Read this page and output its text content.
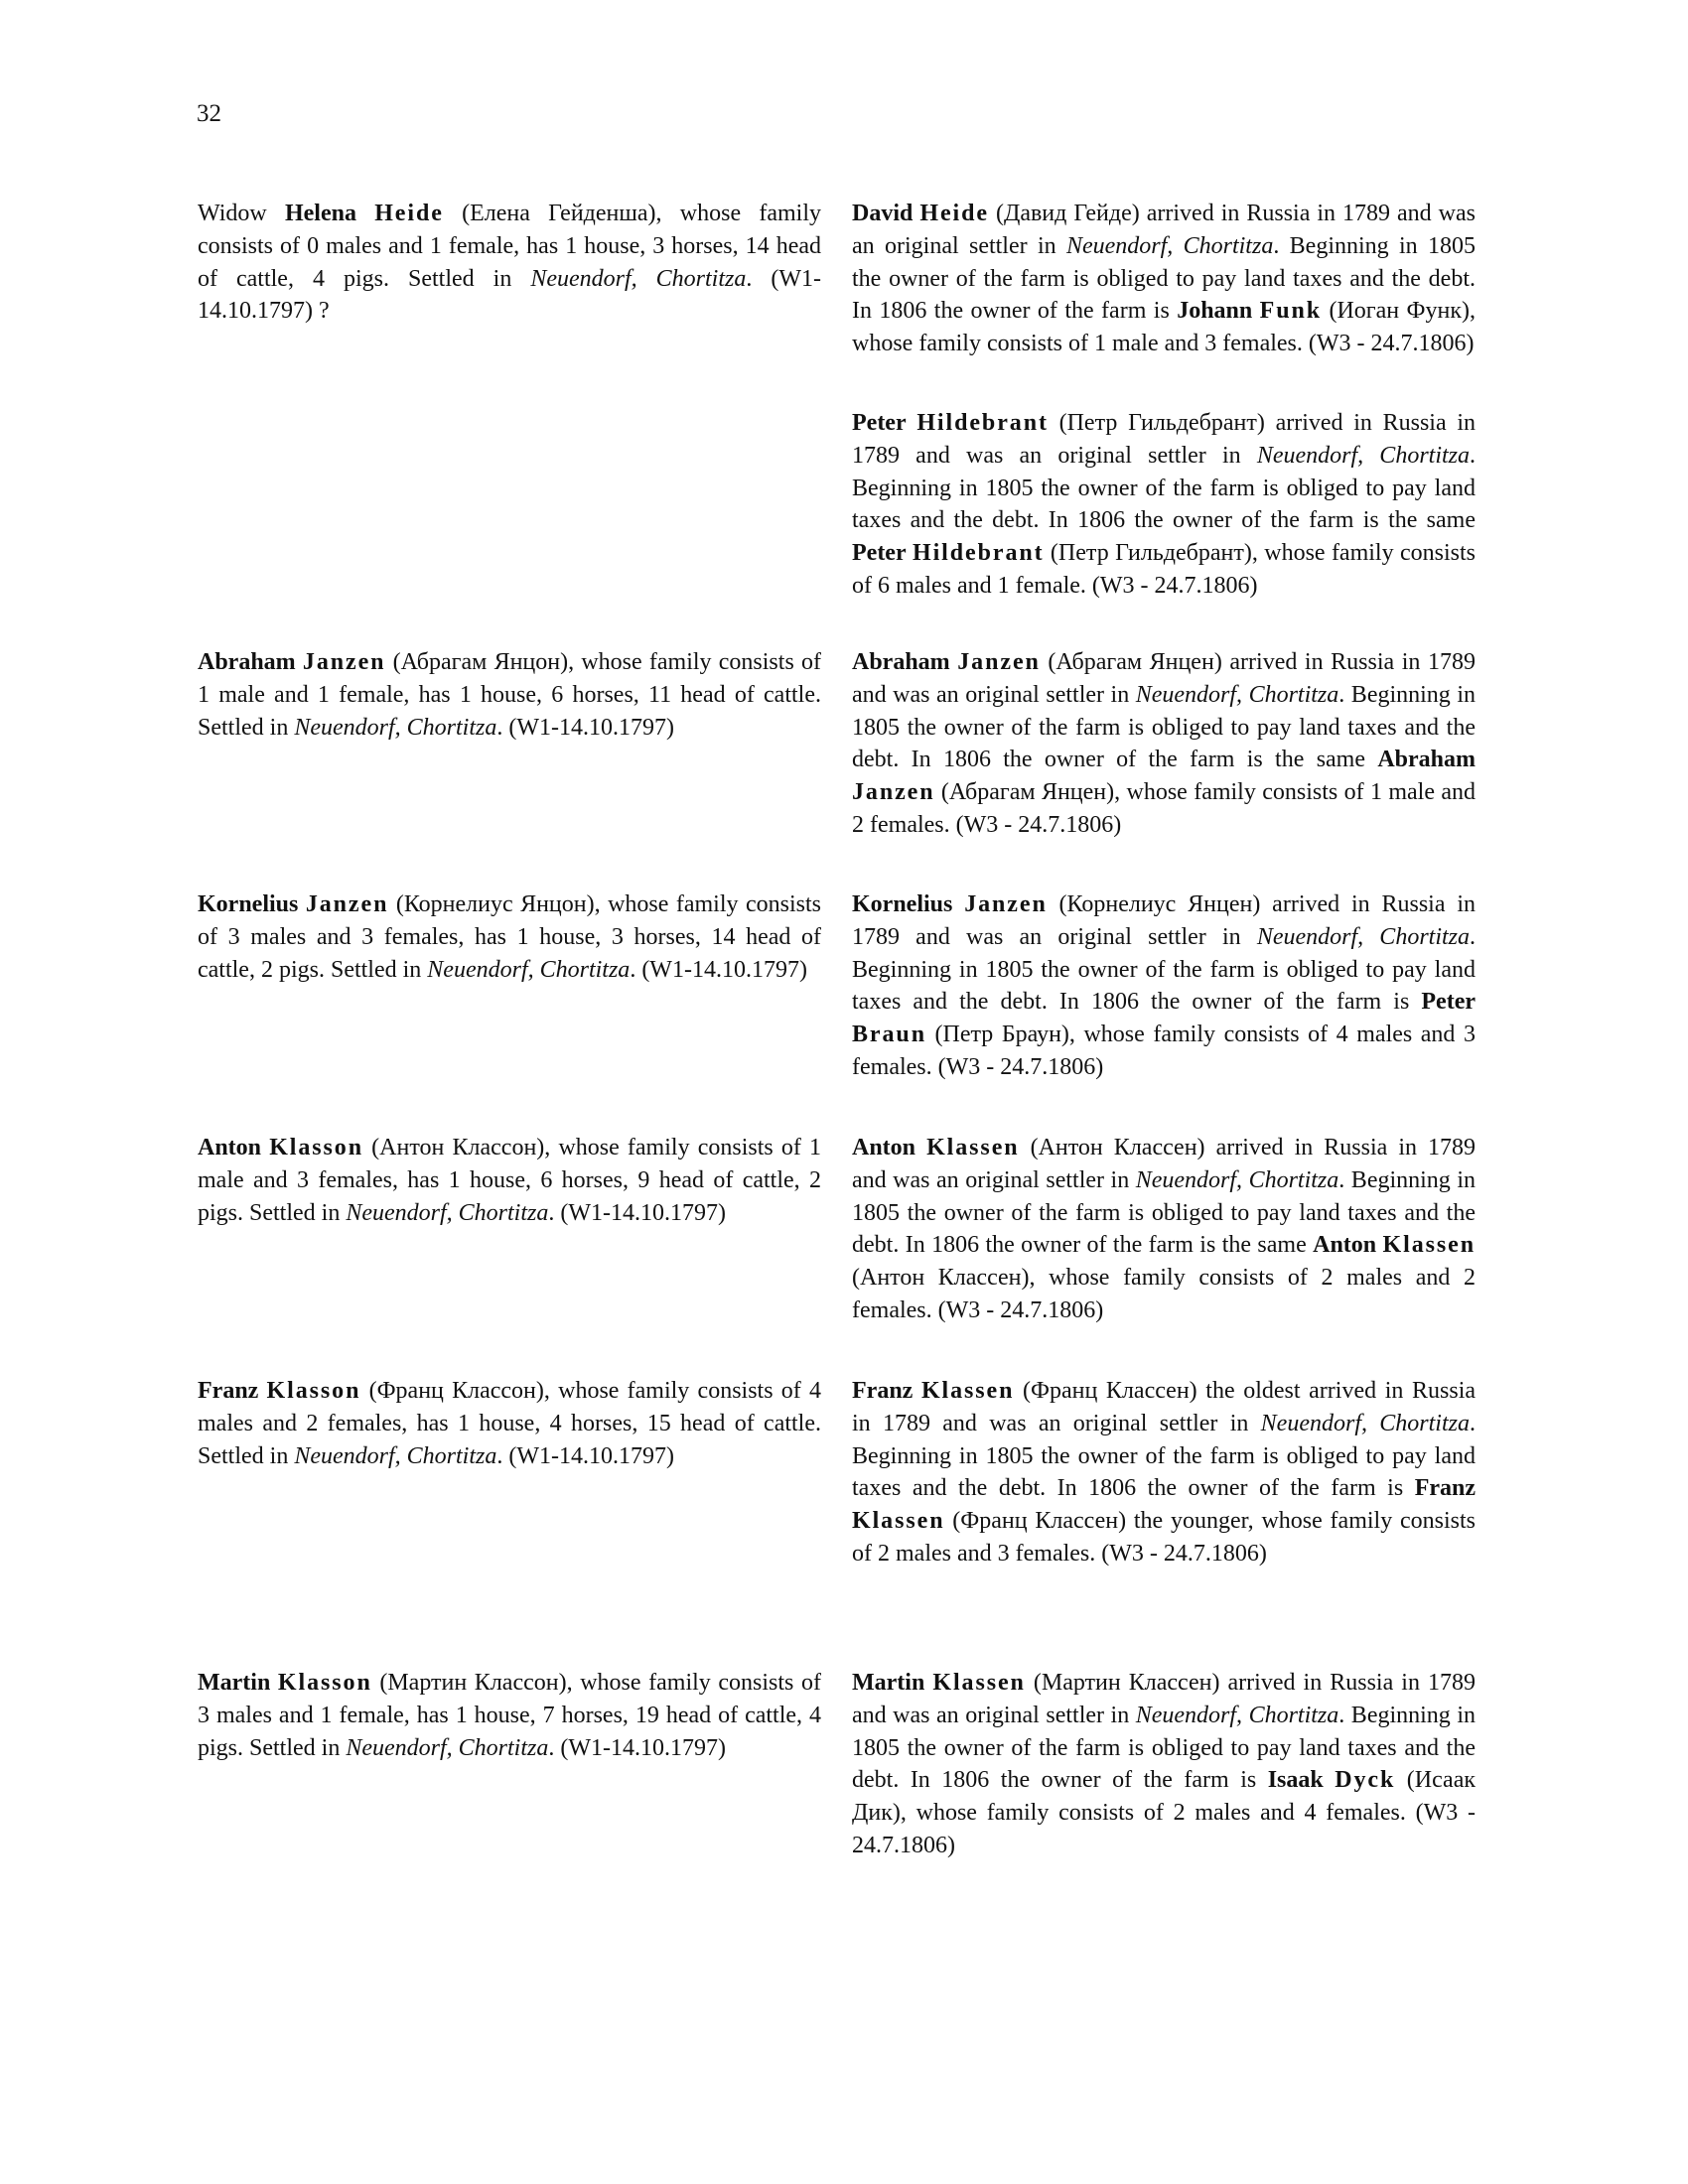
32
Widow Helena Heide (Елена Гейденша), whose family consists of 0 males and 1 female, has 1 house, 3 horses, 14 head of cattle, 4 pigs. Settled in Neuendorf, Chortitza. (W1-14.10.1797) ?
Abraham Janzen (Абрагам Янцон), whose family consists of 1 male and 1 female, has 1 house, 6 horses, 11 head of cattle. Settled in Neuendorf, Chortitza. (W1-14.10.1797)
Kornelius Janzen (Корнелиус Янцон), whose family consists of 3 males and 3 females, has 1 house, 3 horses, 14 head of cattle, 2 pigs. Settled in Neuendorf, Chortitza. (W1-14.10.1797)
Anton Klasson (Антон Классон), whose family consists of 1 male and 3 females, has 1 house, 6 horses, 9 head of cattle, 2 pigs. Settled in Neuendorf, Chortitza. (W1-14.10.1797)
Franz Klasson (Франц Классон), whose family consists of 4 males and 2 females, has 1 house, 4 horses, 15 head of cattle. Settled in Neuendorf, Chortitza. (W1-14.10.1797)
Martin Klasson (Мартин Классон), whose family consists of 3 males and 1 female, has 1 house, 7 horses, 19 head of cattle, 4 pigs. Settled in Neuendorf, Chortitza. (W1-14.10.1797)
David Heide (Давид Гейде) arrived in Russia in 1789 and was an original settler in Neuendorf, Chortitza. Beginning in 1805 the owner of the farm is obliged to pay land taxes and the debt. In 1806 the owner of the farm is Johann Funk (Иоган Функ), whose family consists of 1 male and 3 females. (W3 - 24.7.1806)
Peter Hildebrant (Петр Гильдебрант) arrived in Russia in 1789 and was an original settler in Neuendorf, Chortitza. Beginning in 1805 the owner of the farm is obliged to pay land taxes and the debt. In 1806 the owner of the farm is the same Peter Hildebrant (Петр Гильдебрант), whose family consists of 6 males and 1 female. (W3 - 24.7.1806)
Abraham Janzen (Абрагам Янцен) arrived in Russia in 1789 and was an original settler in Neuendorf, Chortitza. Beginning in 1805 the owner of the farm is obliged to pay land taxes and the debt. In 1806 the owner of the farm is the same Abraham Janzen (Абрагам Янцен), whose family consists of 1 male and 2 females. (W3 - 24.7.1806)
Kornelius Janzen (Корнелиус Янцен) arrived in Russia in 1789 and was an original settler in Neuendorf, Chortitza. Beginning in 1805 the owner of the farm is obliged to pay land taxes and the debt. In 1806 the owner of the farm is Peter Braun (Петр Браун), whose family consists of 4 males and 3 females. (W3 - 24.7.1806)
Anton Klassen (Антон Классен) arrived in Russia in 1789 and was an original settler in Neuendorf, Chortitza. Beginning in 1805 the owner of the farm is obliged to pay land taxes and the debt. In 1806 the owner of the farm is the same Anton Klassen (Антон Классен), whose family consists of 2 males and 2 females. (W3 - 24.7.1806)
Franz Klassen (Франц Классен) the oldest arrived in Russia in 1789 and was an original settler in Neuendorf, Chortitza. Beginning in 1805 the owner of the farm is obliged to pay land taxes and the debt. In 1806 the owner of the farm is Franz Klassen (Франц Классен) the younger, whose family consists of 2 males and 3 females. (W3 - 24.7.1806)
Martin Klassen (Мартин Классен) arrived in Russia in 1789 and was an original settler in Neuendorf, Chortitza. Beginning in 1805 the owner of the farm is obliged to pay land taxes and the debt. In 1806 the owner of the farm is Isaak Dyck (Исаак Дик), whose family consists of 2 males and 4 females. (W3 - 24.7.1806)
